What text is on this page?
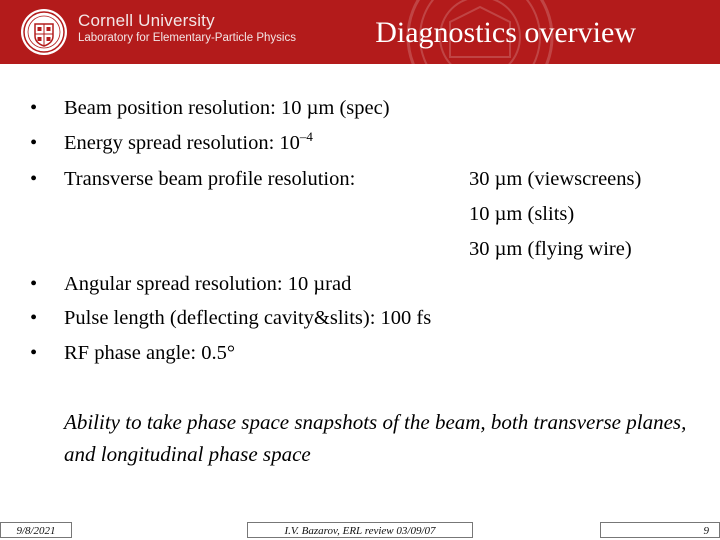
Cornell University
Laboratory for Elementary-Particle Physics	Diagnostics overview
• Beam position resolution: 10 µm (spec)
• Energy spread resolution: $10^{-4}$
• Transverse beam profile resolution:	30 µm (viewscreens)
10 µm (slits)
30 µm (flying wire)
• Angular spread resolution: 10 µrad
• Pulse length (deflecting cavity&slits): 100 fs
• RF phase angle: 0.5°
Ability to take phase space snapshots of the beam, both transverse planes, and longitudinal phase space
9/8/2021	I.V. Bazarov, ERL review 03/09/07	9
